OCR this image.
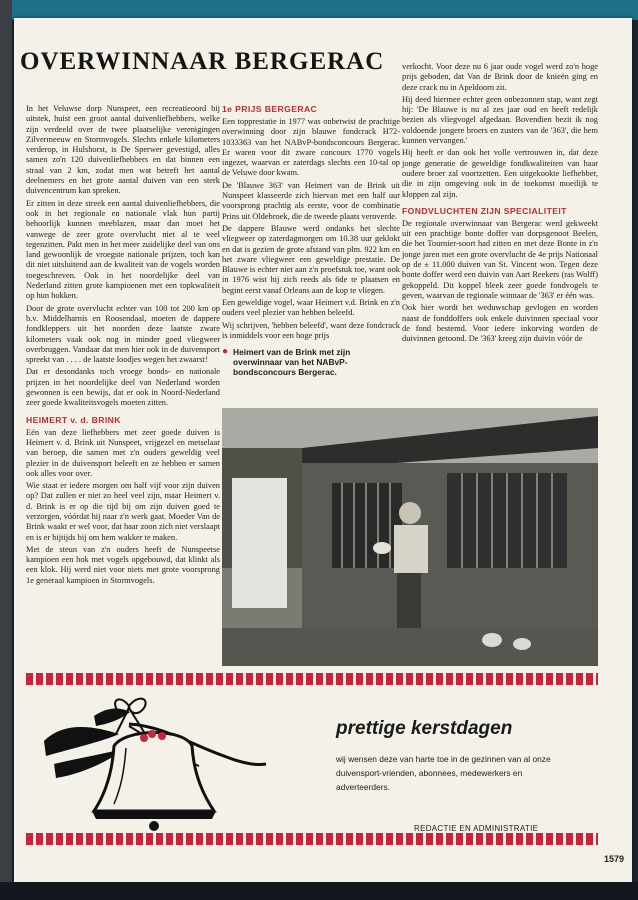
OVERWINNAAR BERGERAC

In het Veluwse dorp Nunspeet, een recreatieoord bij uitstek, huist een groot aantal duivenliefhebbers, welke zijn verdeeld over de twee plaatselijke verenigingen Zilvermeeuw en Stormvogels. Slechts enkele kilometers verderop, in Hulshorst, is De Sperwer gevestigd, alles samen zo'n 120 duivenliefhebbers en dat binnen een straal van 2 km, zodat men wat betreft het aantal deelnemers en het grote aantal duiven van een sterk duivencentrum kan spreken.

Er zitten in deze streek een aantal duivenliefhebbers, die ook in het regionale en nationale vlak hun partij behoorlijk kunnen meeblazen, maar dan moet het vanwege de zeer grote overvlucht niet al te veel tegenzitten. Pakt men in het meer zuidelijke deel van ons land gewoonlijk de vroegste nationale prijzen, toch kan dit niet uitsluitend aan de kwaliteit van de vogels worden toegeschreven. Ook in het noordelijke deel van Nederland zitten grote kampioenen met een topkwaliteit op hun hokken.

Door de grote overvlucht echter van 100 tot 200 km op b.v. Middelharnis en Roosendaal, moeten de dappere fondkleppers uit het noorden deze laatste zware kilometers vaak ook nog in minder goed vliegweer overbruggen. Vandaar dat men hier ook in de duivensport spreekt van . . . . de laatste loodjes wegen het zwaarst!

Dat er desondanks toch vroege bonds- en nationale prijzen in het noordelijke deel van Nederland worden gewonnen is een bewijs, dat er ook in Noord-Nederland zeer goede kwaliteitsvogels moeten zitten.

HEIMERT v. d. BRINK

Eén van deze liefhebbers met zeer goede duiven is Heimert v. d. Brink uit Nunspeet, vrijgezel en metselaar van beroep, die samen met z'n ouders geweldig veel plezier in de duivensport beleeft en ze hebben er samen ook alles voor over.

Wie staat er iedere morgen om half vijf voor zijn duiven op? Dat zullen er niet zo heel veel zijn, maar Heimert v. d. Brink is er op die tijd bij om zijn duiven goed te verzorgen, vóórdat hij naar z'n werk gaat. Moeder Van de Brink waakt er wel voor, dat haar zoon zich niet verslaapt en is er bijtijds bij om hem wakker te maken.

Met de steun van z'n ouders heeft de Nunspeetse kampioen een hok met vogels opgebouwd, dat klinkt als een klok. Hij werd niet voor niets met grote voorsprong 1e generaal kampioen in Stormvogels.

1e PRIJS BERGERAC

Een topprestatie in 1977 was onbetwist de prachtige overwinning door zijn blauwe fondcrack H72-1033363 van het NABvP-bondsconcours Bergerac. Er waren voor dit zware concours 1770 vogels ingezet, waarvan er zaterdags slechts een 10-tal op de Veluwe door kwam.

De 'Blauwe 363' van Heimert van de Brink uit Nunspeet klasseerde zich hiervan met een half uur voorsprong prachtig als eerste, voor de combinatie Prins uit Oldebroek, die de tweede plaats veroverde.

De dappere Blauwe werd ondanks het slechte vliegweer op zaterdagmorgen om 10.38 uur geklokt en dat is gezien de grote afstand van plm. 922 km en het zware vliegweer een geweldige prestatie. De Blauwe is echter niet aan z'n proefstuk toe, want ook in 1976 wist hij zich reeds als 6de te plaatsen en begint eerst vanaf Orleans aan de kop te vliegen.

Een geweldige vogel, waar Heimert v.d. Brink en z'n ouders veel plezier van hebben beleefd.

Wij schrijven, 'hebben beleefd', want deze fondcrack is inmiddels voor een hoge prijs

● Heimert van de Brink met zijn overwinnaar van het NABvP-bondsconcours Bergerac.

verkocht. Voor deze nu 6 jaar oude vogel werd zo'n hoge prijs geboden, dat Van de Brink door de knieën ging en deze crack nu in Apeldoorn zit.

Hij deed hiermee echter geen onbezonnen stap, want zegt hij: 'De Blauwe is nu al zes jaar oud en heeft redelijk bezien als vliegvogel afgedaan. Bovendien bezit ik nog voldoende jongere broers en zusters van de '363', die hem kunnen vervangen.'

Hij heeft er dan ook het volle vertrouwen in, dat deze jonge generatie de geweldige fondkwaliteiten van haar oudere broer zal voortzetten. Een uitgekookte liefhebber, die in zijn omgeving ook in de toekomst moeilijk te kloppen zal zijn.

FONDVLUCHTEN ZIJN SPECIALITEIT

De regionale overwinnaar van Bergerac werd gekweekt uit een prachtige bonte doffer van dorpsgenoot Beelen, die het Tournier-soort had zitten en met deze Bonte in z'n jonge jaren met een grote overvlucht de 4e prijs Nationaal op de ± 11.000 duiven van St. Vincent won. Tegen deze bonte doffer werd een duivin van Aart Reekers (ras Wolff) gekoppeld. Dit koppel bleek zeer goede fondvogels te geven, waarvan de regionale winnaar de '363' er één was.

Ook hier wordt het weduwschap gevlogen en worden naast de fonddoffers ook enkele duivinnen speciaal voor de fond bestemd. Voor iedere inkorving worden de duivinnen getoond. De '363' kreeg zijn duivin vóór de

prettige kerstdagen
wij wensen deze van harte toe in de gezinnen van al onze duivensport-vrienden, abonnees, medewerkers en adverteerders.
REDACTIE EN ADMINISTRATIE
1579
